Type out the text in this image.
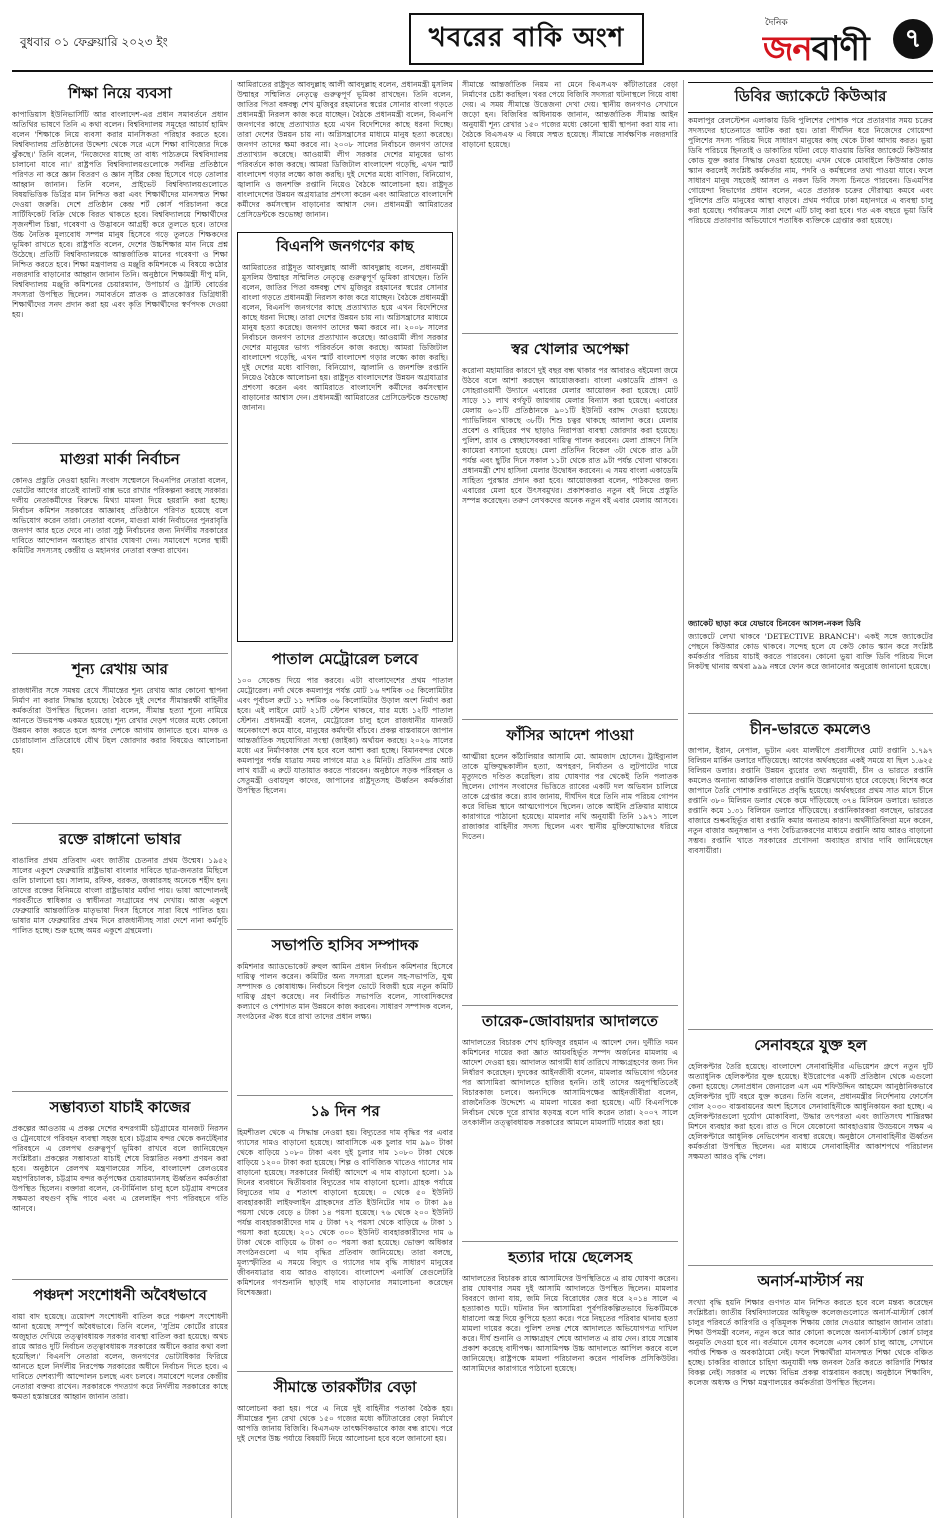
বুধবার ০১ ফেব্রুয়ারি ২০২৩ ইং	খবরের বাকি অংশ	দৈনিক
জনবাণী	৭
শিক্ষা নিয়ে ব্যবসা

কাপাডিয়াস ইউনিভার্সিটি আর বাংলাদেশ-এর প্রধান সমাবর্তনে প্রধান অতিথির ভাষণে তিনি এ কথা বলেন। বিশ্ববিদ্যালয় সমূহের আচার্য হামিদ বলেন 'শিক্ষাকে নিয়ে ব্যবসা করার মানসিকতা পরিহার করতে হবে। বিশ্ববিদ্যালয় প্রতিষ্ঠানের উদ্দেশ্য থেকে সরে এসে শিক্ষা বাণিজ্যের দিকে ঝুঁকছে।' তিনি বলেন, 'নিজেদের যাচ্ছে তা বাধ্য পাঠ্যক্রমে বিশ্ববিদ্যালয় চালানো যাবে না।' রাষ্ট্রপতি বিশ্ববিদ্যালয়গুলোকে সর্বনিম্ন প্রতিষ্ঠানে পরিণত না করে জ্ঞান বিতরণ ও জ্ঞান সৃষ্টির কেন্দ্র হিসেবে গড়ে তোলার আহ্বান জানান। তিনি বলেন, প্রাইভেট বিশ্ববিদ্যালয়গুলোতে বিষয়ভিত্তিক ডিগ্রির মান নিশ্চিত করা এবং শিক্ষার্থীদের মানসম্মত শিক্ষা দেওয়া জরুরি। দেশে প্রতিষ্ঠান কেন্দ্র শর্ট কোর্স পরিচালনা করে সার্টিফিকেট বিক্রি থেকে বিরত থাকতে হবে। বিশ্ববিদ্যালয়ে শিক্ষার্থীদের সৃজনশীল চিন্তা, গবেষণা ও উদ্ভাবনে আগ্রহী করে তুলতে হবে। তাদের উচ্চ নৈতিক মূল্যবোধ সম্পন্ন মানুষ হিসেবে গড়ে তুলতে শিক্ষকদের ভূমিকা রাখতে হবে। রাষ্ট্রপতি বলেন, দেশের উচ্চশিক্ষার মান নিয়ে প্রশ্ন উঠেছে। প্রতিটি বিশ্ববিদ্যালয়কে আন্তর্জাতিক মানের গবেষণা ও শিক্ষা নিশ্চিত করতে হবে। শিক্ষা মন্ত্রণালয় ও মঞ্জুরি কমিশনকে এ বিষয়ে কঠোর নজরদারি বাড়ানোর আহ্বান জানান তিনি। অনুষ্ঠানে শিক্ষামন্ত্রী দীপু মনি, বিশ্ববিদ্যালয় মঞ্জুরি কমিশনের চেয়ারম্যান, উপাচার্য ও ট্রাস্টি বোর্ডের সদস্যরা উপস্থিত ছিলেন। সমাবর্তনে স্নাতক ও স্নাতকোত্তর ডিগ্রিধারী শিক্ষার্থীদের সনদ প্রদান করা হয় এবং কৃতি শিক্ষার্থীদের স্বর্ণপদক দেওয়া হয়।

মাগুরা মার্কা নির্বাচন

কোনও প্রস্তুতি নেওয়া হয়নি। সংবাদ সম্মেলনে বিএনপির নেতারা বলেন, ভোটের আগের রাতেই ব্যালট বাক্স ভরে রাখার পরিকল্পনা করছে সরকার। দলীয় নেতাকর্মীদের বিরুদ্ধে মিথ্যা মামলা দিয়ে হয়রানি করা হচ্ছে। নির্বাচন কমিশন সরকারের আজ্ঞাবহ প্রতিষ্ঠানে পরিণত হয়েছে বলে অভিযোগ করেন তারা। নেতারা বলেন, মাগুরা মার্কা নির্বাচনের পুনরাবৃত্তি জনগণ আর হতে দেবে না। তারা সুষ্ঠু নির্বাচনের জন্য নির্দলীয় সরকারের দাবিতে আন্দোলন অব্যাহত রাখার ঘোষণা দেন। সমাবেশে দলের স্থায়ী কমিটির সদস্যসহ কেন্দ্রীয় ও মহানগর নেতারা বক্তব্য রাখেন।

শূন্য রেখায় আর

রাজধানীর সঙ্গে সমন্বয় রেখে সীমান্তের শূন্য রেখায় আর কোনো স্থাপনা নির্মাণ না করার সিদ্ধান্ত হয়েছে। বৈঠকে দুই দেশের সীমান্তরক্ষী বাহিনীর কর্মকর্তারা উপস্থিত ছিলেন। তারা বলেন, সীমান্ত হত্যা শূন্যে নামিয়ে আনতে উভয়পক্ষ একমত হয়েছে। শূন্য রেখার দেড়শ গজের মধ্যে কোনো উন্নয়ন কাজ করতে হলে অপর দেশকে আগাম জানাতে হবে। মাদক ও চোরাচালান প্রতিরোধে যৌথ টহল জোরদার করার বিষয়েও আলোচনা হয়।

রক্তে রাঙ্গানো ভাষার

বাঙালির প্রথম প্রতিবাদ এবং জাতীয় চেতনার প্রথম উন্মেষ। ১৯৫২ সালের একুশে ফেব্রুয়ারি রাষ্ট্রভাষা বাংলার দাবিতে ছাত্র-জনতার মিছিলে গুলি চালানো হয়। সালাম, রফিক, বরকত, জব্বারসহ অনেকে শহীদ হন। তাদের রক্তের বিনিময়ে বাংলা রাষ্ট্রভাষার মর্যাদা পায়। ভাষা আন্দোলনই পরবর্তীতে স্বাধিকার ও স্বাধীনতা সংগ্রামের পথ দেখায়। আজ একুশে ফেব্রুয়ারি আন্তর্জাতিক মাতৃভাষা দিবস হিসেবে সারা বিশ্বে পালিত হয়। ভাষার মাস ফেব্রুয়ারির প্রথম দিনে রাজধানীসহ সারা দেশে নানা কর্মসূচি পালিত হচ্ছে। শুরু হচ্ছে অমর একুশে গ্রন্থমেলা।

সম্ভাব্যতা যাচাই কাজের

প্রকল্পের আওতায় এ প্রকল্প দেশের বন্দরগামী চট্টগ্রামের যানজট নিরসন ও ট্রেনযোগে পরিবহন ব্যবস্থা সহজ হবে। চট্টগ্রাম বন্দর থেকে কনটেইনার পরিবহনে এ রেলপথ গুরুত্বপূর্ণ ভূমিকা রাখবে বলে জানিয়েছেন সংশ্লিষ্টরা। প্রকল্পের সম্ভাব্যতা যাচাই শেষে বিস্তারিত নকশা প্রণয়ন করা হবে। অনুষ্ঠানে রেলপথ মন্ত্রণালয়ের সচিব, বাংলাদেশ রেলওয়ের মহাপরিচালক, চট্টগ্রাম বন্দর কর্তৃপক্ষের চেয়ারম্যানসহ ঊর্ধ্বতন কর্মকর্তারা উপস্থিত ছিলেন। বক্তারা বলেন, বে-টার্মিনাল চালু হলে চট্টগ্রাম বন্দরের সক্ষমতা বহুগুণ বৃদ্ধি পাবে এবং এ রেললাইন পণ্য পরিবহনে গতি আনবে।

পঞ্চদশ সংশোধনী অবৈধভাবে

বায়া বাদ হয়েছে। ত্রয়োদশ সংশোধনী বাতিল করে পঞ্চদশ সংশোধনী আনা হয়েছে সম্পূর্ণ অবৈধভাবে। তিনি বলেন, 'সুপ্রিম কোর্টের রায়ের অজুহাত দেখিয়ে তত্ত্বাবধায়ক সরকার ব্যবস্থা বাতিল করা হয়েছে। অথচ রায়ে আরও দুটি নির্বাচন তত্ত্বাবধায়ক সরকারের অধীনে করার কথা বলা হয়েছিল।' বিএনপি নেতারা বলেন, জনগণের ভোটাধিকার ফিরিয়ে আনতে হলে নির্দলীয় নিরপেক্ষ সরকারের অধীনে নির্বাচন দিতে হবে। এ দাবিতে দেশব্যাপী আন্দোলন চলছে এবং চলবে। সমাবেশে দলের কেন্দ্রীয় নেতারা বক্তব্য রাখেন। সরকারকে পদত্যাগ করে নির্দলীয় সরকারের কাছে ক্ষমতা হস্তান্তরের আহ্বান জানান তারা।

আমিরাতের রাষ্ট্রদূত আবদুল্লাহ আলী আবদুল্লাহ বলেন, প্রধানমন্ত্রী মুসলিম উম্মাহর সম্মিলিত নেতৃত্বে গুরুত্বপূর্ণ ভূমিকা রাখছেন। তিনি বলেন, জাতির পিতা বঙ্গবন্ধু শেখ মুজিবুর রহমানের স্বপ্নের সোনার বাংলা গড়তে প্রধানমন্ত্রী নিরলস কাজ করে যাচ্ছেন। বৈঠকে প্রধানমন্ত্রী বলেন, বিএনপি জনগণের কাছে প্রত্যাখ্যাত হয়ে এখন বিদেশিদের কাছে ধরনা দিচ্ছে। তারা দেশের উন্নয়ন চায় না। অগ্নিসন্ত্রাসের মাধ্যমে মানুষ হত্যা করেছে। জনগণ তাদের ক্ষমা করবে না। ২০০৮ সালের নির্বাচনে জনগণ তাদের প্রত্যাখ্যান করেছে। আওয়ামী লীগ সরকার দেশের মানুষের ভাগ্য পরিবর্তনে কাজ করছে। আমরা ডিজিটাল বাংলাদেশ গড়েছি, এখন স্মার্ট বাংলাদেশ গড়ার লক্ষ্যে কাজ করছি। দুই দেশের মধ্যে বাণিজ্য, বিনিয়োগ, জ্বালানি ও জনশক্তি রপ্তানি নিয়েও বৈঠকে আলোচনা হয়। রাষ্ট্রদূত বাংলাদেশের উন্নয়ন অগ্রযাত্রার প্রশংসা করেন এবং আমিরাতে বাংলাদেশি কর্মীদের কর্মসংস্থান বাড়ানোর আশ্বাস দেন। প্রধানমন্ত্রী আমিরাতের প্রেসিডেন্টকে শুভেচ্ছা জানান।

বিএনপি জনগণের কাছ

আমিরাতের রাষ্ট্রদূত আবদুল্লাহ আলী আবদুল্লাহ বলেন, প্রধানমন্ত্রী মুসলিম উম্মাহর সম্মিলিত নেতৃত্বে গুরুত্বপূর্ণ ভূমিকা রাখছেন। তিনি বলেন, জাতির পিতা বঙ্গবন্ধু শেখ মুজিবুর রহমানের স্বপ্নের সোনার বাংলা গড়তে প্রধানমন্ত্রী নিরলস কাজ করে যাচ্ছেন। বৈঠকে প্রধানমন্ত্রী বলেন, বিএনপি জনগণের কাছে প্রত্যাখ্যাত হয়ে এখন বিদেশিদের কাছে ধরনা দিচ্ছে। তারা দেশের উন্নয়ন চায় না। অগ্নিসন্ত্রাসের মাধ্যমে মানুষ হত্যা করেছে। জনগণ তাদের ক্ষমা করবে না। ২০০৮ সালের নির্বাচনে জনগণ তাদের প্রত্যাখ্যান করেছে। আওয়ামী লীগ সরকার দেশের মানুষের ভাগ্য পরিবর্তনে কাজ করছে। আমরা ডিজিটাল বাংলাদেশ গড়েছি, এখন স্মার্ট বাংলাদেশ গড়ার লক্ষ্যে কাজ করছি। দুই দেশের মধ্যে বাণিজ্য, বিনিয়োগ, জ্বালানি ও জনশক্তি রপ্তানি নিয়েও বৈঠকে আলোচনা হয়। রাষ্ট্রদূত বাংলাদেশের উন্নয়ন অগ্রযাত্রার প্রশংসা করেন এবং আমিরাতে বাংলাদেশি কর্মীদের কর্মসংস্থান বাড়ানোর আশ্বাস দেন। প্রধানমন্ত্রী আমিরাতের প্রেসিডেন্টকে শুভেচ্ছা জানান।

পাতাল মেট্রোরেল চলবে

১০০ সেকেন্ড দিয়ে পার করবে। এটা বাংলাদেশের প্রথম পাতাল মেট্রোরেল। নর্দা থেকে কমলাপুর পর্যন্ত মোট ১৬ দশমিক ৩৫ কিলোমিটার এবং পূর্বাচল রুটে ১১ দশমিক ৩৬ কিলোমিটার উড়াল অংশ নির্মাণ করা হবে। এই লাইনে মোট ২১টি স্টেশন থাকবে, যার মধ্যে ১২টি পাতাল স্টেশন। প্রধানমন্ত্রী বলেন, মেট্রোরেল চালু হলে রাজধানীর যানজট অনেকাংশে কমে যাবে, মানুষের কর্মঘণ্টা বাঁচবে। প্রকল্প বাস্তবায়নে জাপান আন্তর্জাতিক সহযোগিতা সংস্থা (জাইকা) অর্থায়ন করছে। ২০২৬ সালের মধ্যে এর নির্মাণকাজ শেষ হবে বলে আশা করা হচ্ছে। বিমানবন্দর থেকে কমলাপুর পর্যন্ত যাত্রায় সময় লাগবে মাত্র ২৪ মিনিট। প্রতিদিন প্রায় আট লাখ যাত্রী এ রুটে যাতায়াত করতে পারবেন। অনুষ্ঠানে সড়ক পরিবহন ও সেতুমন্ত্রী ওবায়দুল কাদের, জাপানের রাষ্ট্রদূতসহ ঊর্ধ্বতন কর্মকর্তারা উপস্থিত ছিলেন।

সভাপতি হাসিব সম্পাদক

কমিশনার অ্যাডভোকেট রুহুল আমিন প্রধান নির্বাচন কমিশনার হিসেবে দায়িত্ব পালন করেন। কমিটির অন্য সদস্যরা হলেন সহ-সভাপতি, যুগ্ম সম্পাদক ও কোষাধ্যক্ষ। নির্বাচনে বিপুল ভোটে বিজয়ী হয়ে নতুন কমিটি দায়িত্ব গ্রহণ করেছে। নব নির্বাচিত সভাপতি বলেন, সাংবাদিকদের কল্যাণে ও পেশাগত মান উন্নয়নে কাজ করবেন। সাধারণ সম্পাদক বলেন, সংগঠনের ঐক্য ধরে রাখা তাদের প্রধান লক্ষ্য।

১৯ দিন পর

হিমশীতল থেকে এ সিদ্ধান্ত নেওয়া হয়। বিদ্যুতের দাম বৃদ্ধির পর এবার গ্যাসের দামও বাড়ানো হয়েছে। আবাসিকে এক চুলার দাম ৯৯০ টাকা থেকে বাড়িয়ে ১০৮০ টাকা এবং দুই চুলার দাম ১০৮০ টাকা থেকে বাড়িয়ে ১২০০ টাকা করা হয়েছে। শিল্প ও বাণিজ্যিক খাতেও গ্যাসের দাম বাড়ানো হয়েছে। সরকারের নির্বাহী আদেশে এ দাম বাড়ানো হলো। ১৯ দিনের ব্যবধানে দ্বিতীয়বার বিদ্যুতের দাম বাড়ানো হলো। গ্রাহক পর্যায়ে বিদ্যুতের দাম ৫ শতাংশ বাড়ানো হয়েছে। ০ থেকে ৫০ ইউনিট ব্যবহারকারী লাইফলাইন গ্রাহকদের প্রতি ইউনিটের দাম ৩ টাকা ৯৪ পয়সা থেকে বেড়ে ৪ টাকা ১৪ পয়সা হয়েছে। ৭৬ থেকে ২০০ ইউনিট পর্যন্ত ব্যবহারকারীদের দাম ৫ টাকা ৭২ পয়সা থেকে বাড়িয়ে ৬ টাকা ১ পয়সা করা হয়েছে। ২০১ থেকে ৩০০ ইউনিট ব্যবহারকারীদের দাম ৬ টাকা থেকে বাড়িয়ে ৬ টাকা ৩০ পয়সা করা হয়েছে। ভোক্তা অধিকার সংগঠনগুলো এ দাম বৃদ্ধির প্রতিবাদ জানিয়েছে। তারা বলছে, মূল্যস্ফীতির এ সময়ে বিদ্যুৎ ও গ্যাসের দাম বৃদ্ধি সাধারণ মানুষের জীবনযাত্রার ব্যয় আরও বাড়াবে। বাংলাদেশ এনার্জি রেগুলেটরি কমিশনের গণশুনানি ছাড়াই দাম বাড়ানোর সমালোচনা করেছেন বিশেষজ্ঞরা।

সীমান্তে তারকাঁটার বেড়া

আলোচনা করা হয়। পরে এ নিয়ে দুই বাহিনীর পতাকা বৈঠক হয়। সীমান্তের শূন্য রেখা থেকে ১৫০ গজের মধ্যে কাঁটাতারের বেড়া নির্মাণে আপত্তি জানায় বিজিবি। বিএসএফ তাৎক্ষণিকভাবে কাজ বন্ধ রাখে। পরে দুই দেশের উচ্চ পর্যায়ে বিষয়টি নিয়ে আলোচনা হবে বলে জানানো হয়।

সীমান্তে আন্তর্জাতিক নিয়ম না মেনে বিএসএফ কাঁটাতারের বেড়া নির্মাণের চেষ্টা করছিল। খবর পেয়ে বিজিবি সদস্যরা ঘটনাস্থলে গিয়ে বাধা দেয়। এ সময় সীমান্তে উত্তেজনা দেখা দেয়। স্থানীয় জনগণও সেখানে জড়ো হন। বিজিবির অধিনায়ক জানান, আন্তর্জাতিক সীমান্ত আইন অনুযায়ী শূন্য রেখার ১৫০ গজের মধ্যে কোনো স্থায়ী স্থাপনা করা যায় না। বৈঠকে বিএসএফ এ বিষয়ে সম্মত হয়েছে। সীমান্তে সার্বক্ষণিক নজরদারি বাড়ানো হয়েছে।

স্বর খোলার অপেক্ষা

করোনা মহামারির কারণে দুই বছর বন্ধ থাকার পর আবারও বইমেলা জমে উঠবে বলে আশা করছেন আয়োজকরা। বাংলা একাডেমি প্রাঙ্গণ ও সোহরাওয়ার্দী উদ্যানে এবারের মেলার আয়োজন করা হয়েছে। মোট সাড়ে ১১ লাখ বর্গফুট জায়গায় মেলার বিন্যাস করা হয়েছে। এবারের মেলায় ৬০১টি প্রতিষ্ঠানকে ৯০১টি ইউনিট বরাদ্দ দেওয়া হয়েছে। প্যাভিলিয়ন থাকছে ৩৮টি। শিশু চত্বর থাকছে আলাদা করে। মেলায় প্রবেশ ও বাহিরের পথ ছাড়াও নিরাপত্তা ব্যবস্থা জোরদার করা হয়েছে। পুলিশ, র‍্যাব ও স্বেচ্ছাসেবকরা দায়িত্ব পালন করবেন। মেলা প্রাঙ্গণে সিসি ক্যামেরা বসানো হয়েছে। মেলা প্রতিদিন বিকেল ৩টা থেকে রাত ৯টা পর্যন্ত এবং ছুটির দিনে সকাল ১১টা থেকে রাত ৯টা পর্যন্ত খোলা থাকবে। প্রধানমন্ত্রী শেখ হাসিনা মেলার উদ্বোধন করবেন। এ সময় বাংলা একাডেমি সাহিত্য পুরস্কার প্রদান করা হবে। আয়োজকরা বলেন, পাঠকদের জন্য এবারের মেলা হবে উৎসবমুখর। প্রকাশকরাও নতুন বই নিয়ে প্রস্তুতি সম্পন্ন করেছেন। তরুণ লেখকদের অনেক নতুন বই এবার মেলায় আসবে।

ফাঁসির আদেশ পাওয়া

আত্মীয়া হলেন কাঁঠালিয়ার আসামি মো. আমজাদ হোসেন। ট্রাইব্যুনাল তাকে মুক্তিযুদ্ধকালীন হত্যা, অপহরণ, নির্যাতন ও লুটপাটের দায়ে মৃত্যুদণ্ডে দণ্ডিত করেছিল। রায় ঘোষণার পর থেকেই তিনি পলাতক ছিলেন। গোপন সংবাদের ভিত্তিতে র‍্যাবের একটি দল অভিযান চালিয়ে তাকে গ্রেপ্তার করে। র‍্যাব জানায়, দীর্ঘদিন ধরে তিনি নাম পরিচয় গোপন করে বিভিন্ন স্থানে আত্মগোপনে ছিলেন। তাকে আইনি প্রক্রিয়ার মাধ্যমে কারাগারে পাঠানো হয়েছে। মামলার নথি অনুযায়ী তিনি ১৯৭১ সালে রাজাকার বাহিনীর সদস্য ছিলেন এবং স্থানীয় মুক্তিযোদ্ধাদের ধরিয়ে দিতেন।

তারেক-জোবায়দার আদালতে

আদালতের বিচারক শেখ হাফিজুর রহমান এ আদেশ দেন। দুর্নীতি দমন কমিশনের দায়ের করা জ্ঞাত আয়বহির্ভূত সম্পদ অর্জনের মামলায় এ আদেশ দেওয়া হয়। আদালত আগামী ধার্য তারিখে সাক্ষ্যগ্রহণের জন্য দিন নির্ধারণ করেছেন। দুদকের আইনজীবী বলেন, মামলার অভিযোগ গঠনের পর আসামিরা আদালতে হাজির হননি। তাই তাদের অনুপস্থিতিতেই বিচারকাজ চলবে। অন্যদিকে আসামিপক্ষের আইনজীবীরা বলেন, রাজনৈতিক উদ্দেশ্যে এ মামলা দায়ের করা হয়েছে। এটি বিএনপিকে নির্বাচন থেকে দূরে রাখার ষড়যন্ত্র বলে দাবি করেন তারা। ২০০৭ সালে তৎকালীন তত্ত্বাবধায়ক সরকারের আমলে মামলাটি দায়ের করা হয়।

হত্যার দায়ে ছেলেসহ

আদালতের বিচারক রায়ে আসামিদের উপস্থিতিতে এ রায় ঘোষণা করেন। রায় ঘোষণার সময় দুই আসামি আদালতে উপস্থিত ছিলেন। মামলার বিবরণে জানা যায়, জমি নিয়ে বিরোধের জের ধরে ২০১৪ সালে এ হত্যাকাণ্ড ঘটে। ঘটনার দিন আসামিরা পূর্বপরিকল্পিতভাবে ভিকটিমকে ধারালো অস্ত্র দিয়ে কুপিয়ে হত্যা করে। পরে নিহতের পরিবার থানায় হত্যা মামলা দায়ের করে। পুলিশ তদন্ত শেষে আদালতে অভিযোগপত্র দাখিল করে। দীর্ঘ শুনানি ও সাক্ষ্যগ্রহণ শেষে আদালত এ রায় দেন। রায়ে সন্তোষ প্রকাশ করেছে বাদীপক্ষ। আসামিপক্ষ উচ্চ আদালতে আপিল করবে বলে জানিয়েছে। রাষ্ট্রপক্ষে মামলা পরিচালনা করেন পাবলিক প্রসিকিউটর। আসামিদের কারাগারে পাঠানো হয়েছে।

ডিবির জ্যাকেটে কিউআর

কমলাপুর রেলস্টেশন এলাকায় ডিবি পুলিশের পোশাক পরে প্রতারণার সময় চক্রের সদস্যদের হাতেনাতে আটক করা হয়। তারা দীর্ঘদিন ধরে নিজেদের গোয়েন্দা পুলিশের সদস্য পরিচয় দিয়ে সাধারণ মানুষের কাছ থেকে টাকা আদায় করত। ভুয়া ডিবি পরিচয়ে ছিনতাই ও ডাকাতির ঘটনা বেড়ে যাওয়ায় ডিবির জ্যাকেটে কিউআর কোড যুক্ত করার সিদ্ধান্ত নেওয়া হয়েছে। এখন থেকে মোবাইলে কিউআর কোড স্ক্যান করলেই সংশ্লিষ্ট কর্মকর্তার নাম, পদবি ও কর্মস্থলের তথ্য পাওয়া যাবে। ফলে সাধারণ মানুষ সহজেই আসল ও নকল ডিবি সদস্য চিনতে পারবেন। ডিএমপির গোয়েন্দা বিভাগের প্রধান বলেন, এতে প্রতারক চক্রের দৌরাত্ম্য কমবে এবং পুলিশের প্রতি মানুষের আস্থা বাড়বে। প্রথম পর্যায়ে ঢাকা মহানগরে এ ব্যবস্থা চালু করা হয়েছে। পর্যায়ক্রমে সারা দেশে এটি চালু করা হবে। গত এক বছরে ভুয়া ডিবি পরিচয়ে প্রতারণার অভিযোগে শতাধিক ব্যক্তিকে গ্রেপ্তার করা হয়েছে।

জ্যাকেট ছাড়া করে যেভাবে চিনবেন আসল-নকল ডিবি

জ্যাকেটে লেখা থাকবে 'DETECTIVE BRANCH'। একই সঙ্গে জ্যাকেটের পেছনে কিউআর কোড থাকবে। সন্দেহ হলে যে কেউ কোড স্ক্যান করে সংশ্লিষ্ট কর্মকর্তার পরিচয় যাচাই করতে পারবেন। কোনো ভুয়া ব্যক্তি ডিবি পরিচয় দিলে নিকটস্থ থানায় অথবা ৯৯৯ নম্বরে ফোন করে জানানোর অনুরোধ জানানো হয়েছে।

চীন-ভারতে কমলেও

জাপান, ইরান, নেপাল, ভুটান এবং মালদ্বীপে প্রবাসীদের মোট রপ্তানি ১.৭৯৭ বিলিয়ন মার্কিন ডলারে দাঁড়িয়েছে। আগের অর্থবছরের একই সময়ে যা ছিল ১.৬২৫ বিলিয়ন ডলার। রপ্তানি উন্নয়ন ব্যুরোর তথ্য অনুযায়ী, চীন ও ভারতে রপ্তানি কমলেও অন্যান্য আঞ্চলিক বাজারে রপ্তানি উল্লেখযোগ্য হারে বেড়েছে। বিশেষ করে জাপানে তৈরি পোশাক রপ্তানিতে প্রবৃদ্ধি হয়েছে। অর্থবছরের প্রথম সাত মাসে চীনে রপ্তানি ৩৮০ মিলিয়ন ডলার থেকে কমে দাঁড়িয়েছে ৩৭৪ মিলিয়ন ডলারে। ভারতে রপ্তানি কমে ১.৩১ বিলিয়ন ডলারে দাঁড়িয়েছে। রপ্তানিকারকরা বলছেন, ভারতের বাজারে শুল্কবহির্ভূত বাধা রপ্তানি কমার অন্যতম কারণ। অর্থনীতিবিদরা মনে করেন, নতুন বাজার অনুসন্ধান ও পণ্য বৈচিত্র্যকরণের মাধ্যমে রপ্তানি আয় আরও বাড়ানো সম্ভব। রপ্তানি খাতে সরকারের প্রণোদনা অব্যাহত রাখার দাবি জানিয়েছেন ব্যবসায়ীরা।

সেনাবহরে যুক্ত হল

হেলিকপ্টার তৈরি হয়েছে। বাংলাদেশ সেনাবাহিনীর এভিয়েশন গ্রুপে নতুন দুটি অত্যাধুনিক হেলিকপ্টার যুক্ত হয়েছে। ইউরোপের একটি প্রতিষ্ঠান থেকে এগুলো কেনা হয়েছে। সেনাপ্রধান জেনারেল এস এম শফিউদ্দিন আহমেদ আনুষ্ঠানিকভাবে হেলিকপ্টার দুটি বহরে যুক্ত করেন। তিনি বলেন, প্রধানমন্ত্রীর নির্দেশনায় ফোর্সেস গোল ২০৩০ বাস্তবায়নের অংশ হিসেবে সেনাবাহিনীকে আধুনিকায়ন করা হচ্ছে। এ হেলিকপ্টারগুলো দুর্যোগ মোকাবিলা, উদ্ধার তৎপরতা এবং জাতিসংঘ শান্তিরক্ষা মিশনে ব্যবহার করা হবে। রাত ও দিনে যেকোনো আবহাওয়ায় উড্ডয়নে সক্ষম এ হেলিকপ্টারে আধুনিক নেভিগেশন ব্যবস্থা রয়েছে। অনুষ্ঠানে সেনাবাহিনীর ঊর্ধ্বতন কর্মকর্তারা উপস্থিত ছিলেন। এর মাধ্যমে সেনাবাহিনীর আকাশপথে পরিচালন সক্ষমতা আরও বৃদ্ধি পেল।

অনার্স-মাস্টার্স নয়

সংখ্যা বৃদ্ধি হয়নি শিক্ষার গুণগত মান নিশ্চিত করতে হবে বলে মন্তব্য করেছেন সংশ্লিষ্টরা। জাতীয় বিশ্ববিদ্যালয়ের অধিভুক্ত কলেজগুলোতে অনার্স-মাস্টার্স কোর্স চালুর পরিবর্তে কারিগরি ও বৃত্তিমূলক শিক্ষায় জোর দেওয়ার আহ্বান জানান তারা। শিক্ষা উপমন্ত্রী বলেন, নতুন করে আর কোনো কলেজে অনার্স-মাস্টার্স কোর্স চালুর অনুমতি দেওয়া হবে না। বর্তমানে যেসব কলেজে এসব কোর্স চালু আছে, সেখানে পর্যাপ্ত শিক্ষক ও অবকাঠামো নেই। ফলে শিক্ষার্থীরা মানসম্মত শিক্ষা থেকে বঞ্চিত হচ্ছে। চাকরির বাজারে চাহিদা অনুযায়ী দক্ষ জনবল তৈরি করতে কারিগরি শিক্ষার বিকল্প নেই। সরকার এ লক্ষ্যে বিভিন্ন প্রকল্প বাস্তবায়ন করছে। অনুষ্ঠানে শিক্ষাবিদ, কলেজ অধ্যক্ষ ও শিক্ষা মন্ত্রণালয়ের কর্মকর্তারা উপস্থিত ছিলেন।
